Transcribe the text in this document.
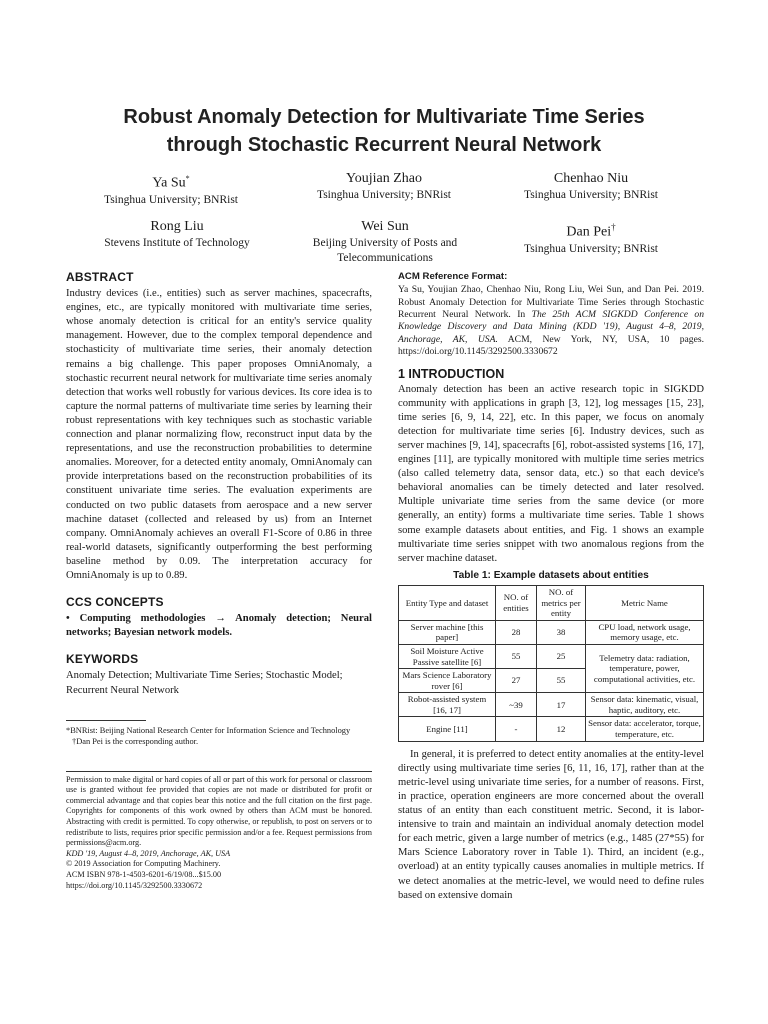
Robust Anomaly Detection for Multivariate Time Series
through Stochastic Recurrent Neural Network
Ya Su*
Tsinghua University; BNRist
Youjian Zhao
Tsinghua University; BNRist
Chenhao Niu
Tsinghua University; BNRist
Rong Liu
Stevens Institute of Technology
Wei Sun
Beijing University of Posts and Telecommunications
Dan Pei†
Tsinghua University; BNRist
ABSTRACT

Industry devices (i.e., entities) such as server machines, spacecrafts, engines, etc., are typically monitored with multivariate time series, whose anomaly detection is critical for an entity's service quality management. However, due to the complex temporal dependence and stochasticity of multivariate time series, their anomaly detection remains a big challenge. This paper proposes OmniAnomaly, a stochastic recurrent neural network for multivariate time series anomaly detection that works well robustly for various devices. Its core idea is to capture the normal patterns of multivariate time series by learning their robust representations with key techniques such as stochastic variable connection and planar normalizing flow, reconstruct input data by the representations, and use the reconstruction probabilities to determine anomalies. Moreover, for a detected entity anomaly, OmniAnomaly can provide interpretations based on the reconstruction probabilities of its constituent univariate time series. The evaluation experiments are conducted on two public datasets from aerospace and a new server machine dataset (collected and released by us) from an Internet company. OmniAnomaly achieves an overall F1-Score of 0.86 in three real-world datasets, significantly outperforming the best performing baseline method by 0.09. The interpretation accuracy for OmniAnomaly is up to 0.89.

CCS CONCEPTS

• Computing methodologies → Anomaly detection; Neural networks; Bayesian network models.

KEYWORDS

Anomaly Detection; Multivariate Time Series; Stochastic Model; Recurrent Neural Network

*BNRist: Beijing National Research Center for Information Science and Technology
†Dan Pei is the corresponding author.
Permission to make digital or hard copies of all or part of this work for personal or classroom use is granted without fee provided that copies are not made or distributed for profit or commercial advantage and that copies bear this notice and the full citation on the first page. Copyrights for components of this work owned by others than ACM must be honored. Abstracting with credit is permitted. To copy otherwise, or republish, to post on servers or to redistribute to lists, requires prior specific permission and/or a fee. Request permissions from permissions@acm.org.
KDD '19, August 4–8, 2019, Anchorage, AK, USA
© 2019 Association for Computing Machinery.
ACM ISBN 978-1-4503-6201-6/19/08...$15.00
https://doi.org/10.1145/3292500.3330672
ACM Reference Format:

Ya Su, Youjian Zhao, Chenhao Niu, Rong Liu, Wei Sun, and Dan Pei. 2019. Robust Anomaly Detection for Multivariate Time Series through Stochastic Recurrent Neural Network. In The 25th ACM SIGKDD Conference on Knowledge Discovery and Data Mining (KDD '19), August 4–8, 2019, Anchorage, AK, USA. ACM, New York, NY, USA, 10 pages. https://doi.org/10.1145/3292500.3330672

1 INTRODUCTION

Anomaly detection has been an active research topic in SIGKDD community with applications in graph [3, 12], log messages [15, 23], time series [6, 9, 14, 22], etc. In this paper, we focus on anomaly detection for multivariate time series [6]. Industry devices, such as server machines [9, 14], spacecrafts [6], robot-assisted systems [16, 17], engines [11], are typically monitored with multiple time series metrics (also called telemetry data, sensor data, etc.) so that each device's behavioral anomalies can be timely detected and later resolved. Multiple univariate time series from the same device (or more generally, an entity) forms a multivariate time series. Table 1 shows some example datasets about entities, and Fig. 1 shows an example multivariate time series snippet with two anomalous regions from the server machine dataset.

Table 1: Example datasets about entities
Entity Type and dataset	NO. of entities	NO. of metrics per entity	Metric Name
Server machine [this paper]	28	38	CPU load, network usage, memory usage, etc.
Soil Moisture Active Passive satellite [6]	55	25	Telemetry data: radiation, temperature, power, computational activities, etc.
Mars Science Laboratory rover [6]	27	55	
Robot-assisted system [16, 17]	~39	17	Sensor data: kinematic, visual, haptic, auditory, etc.
Engine [11]	-	12	Sensor data: accelerator, torque, temperature, etc.

In general, it is preferred to detect entity anomalies at the entity-level directly using multivariate time series [6, 11, 16, 17], rather than at the metric-level using univariate time series, for a number of reasons. First, in practice, operation engineers are more concerned about the overall status of an entity than each constituent metric. Second, it is labor-intensive to train and maintain an individual anomaly detection model for each metric, given a large number of metrics (e.g., 1485 (27*55) for Mars Science Laboratory rover in Table 1). Third, an incident (e.g., overload) at an entity typically causes anomalies in multiple metrics. If we detect anomalies at the metric-level, we would need to define rules based on extensive domain
